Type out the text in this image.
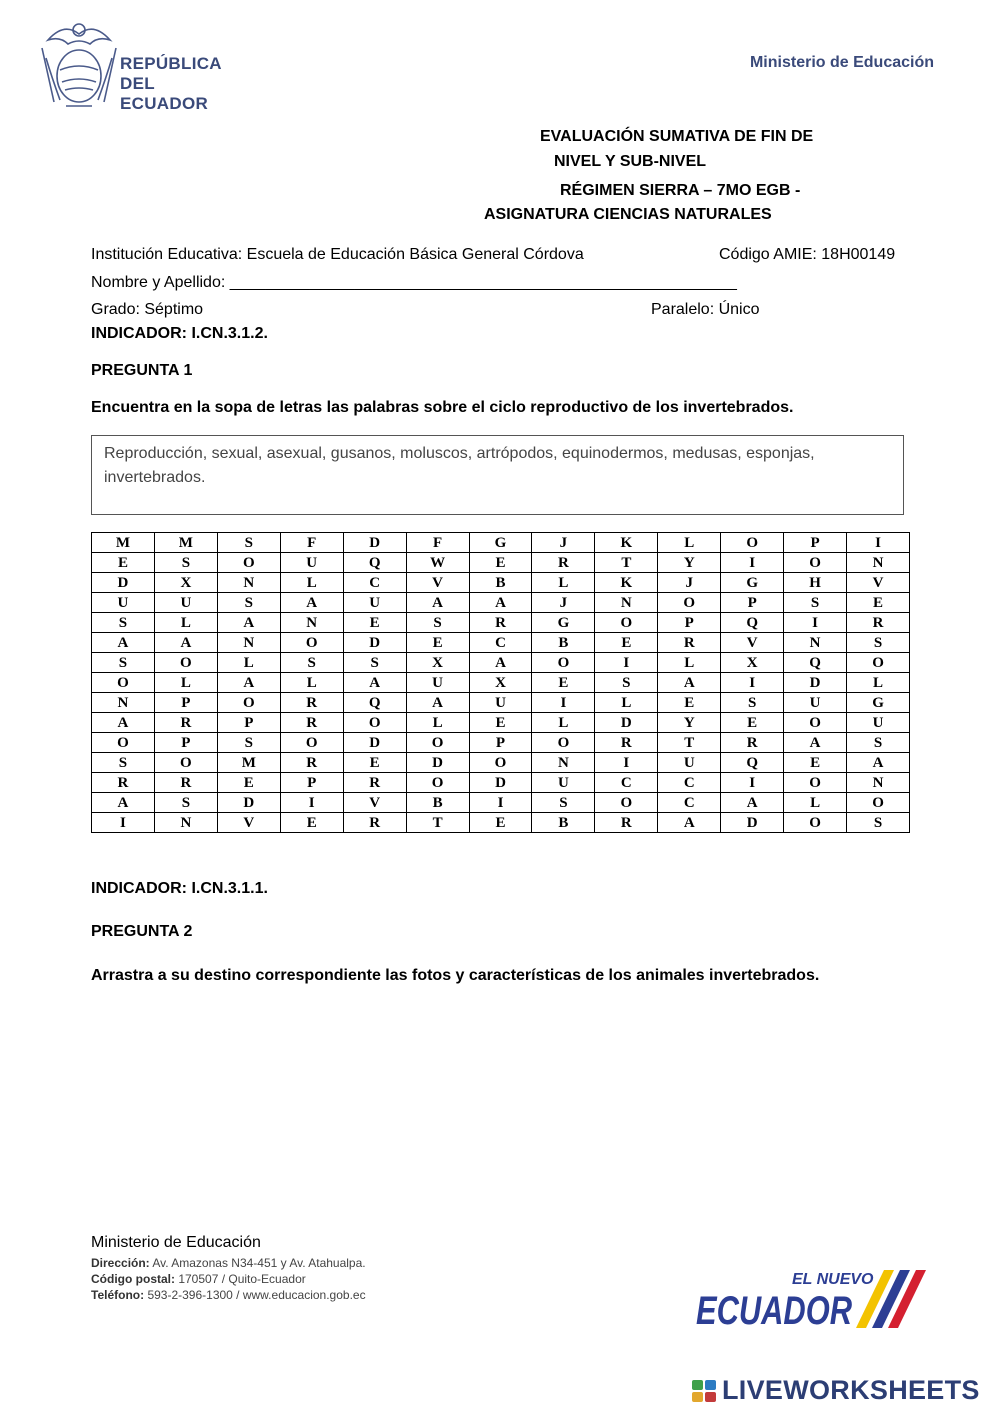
REPÚBLICA
DEL ECUADOR
Ministerio de Educación
EVALUACIÓN SUMATIVA DE FIN DE
NIVEL Y SUB-NIVEL
RÉGIMEN SIERRA – 7MO EGB -
ASIGNATURA CIENCIAS NATURALES
Institución Educativa: Escuela de Educación Básica General Córdova	Código AMIE: 18H00149
Nombre y Apellido: _________________________________________________________
Grado: Séptimo	Paralelo: Único
INDICADOR: I.CN.3.1.2.
PREGUNTA 1
Encuentra en la sopa de letras las palabras sobre el ciclo reproductivo de los invertebrados.
Reproducción, sexual, asexual, gusanos, moluscos, artrópodos, equinodermos, medusas, esponjas, invertebrados.
M	M	S	F	D	F	G	J	K	L	O	P	I
E	S	O	U	Q	W	E	R	T	Y	I	O	N
D	X	N	L	C	V	B	L	K	J	G	H	V
U	U	S	A	U	A	A	J	N	O	P	S	E
S	L	A	N	E	S	R	G	O	P	Q	I	R
A	A	N	O	D	E	C	B	E	R	V	N	S
S	O	L	S	S	X	A	O	I	L	X	Q	O
O	L	A	L	A	U	X	E	S	A	I	D	L
N	P	O	R	Q	A	U	I	L	E	S	U	G
A	R	P	R	O	L	E	L	D	Y	E	O	U
O	P	S	O	D	O	P	O	R	T	R	A	S
S	O	M	R	E	D	O	N	I	U	Q	E	A
R	R	E	P	R	O	D	U	C	C	I	O	N
A	S	D	I	V	B	I	S	O	C	A	L	O
I	N	V	E	R	T	E	B	R	A	D	O	S
INDICADOR: I.CN.3.1.1.
PREGUNTA 2
Arrastra a su destino correspondiente las fotos y características de los animales invertebrados.
Ministerio de Educación
Dirección: Av. Amazonas N34-451 y Av. Atahualpa.
Código postal: 170507 / Quito-Ecuador
Teléfono: 593-2-396-1300 / www.educacion.gob.ec
EL NUEVO
ECUADOR
LIVEWORKSHEETS
